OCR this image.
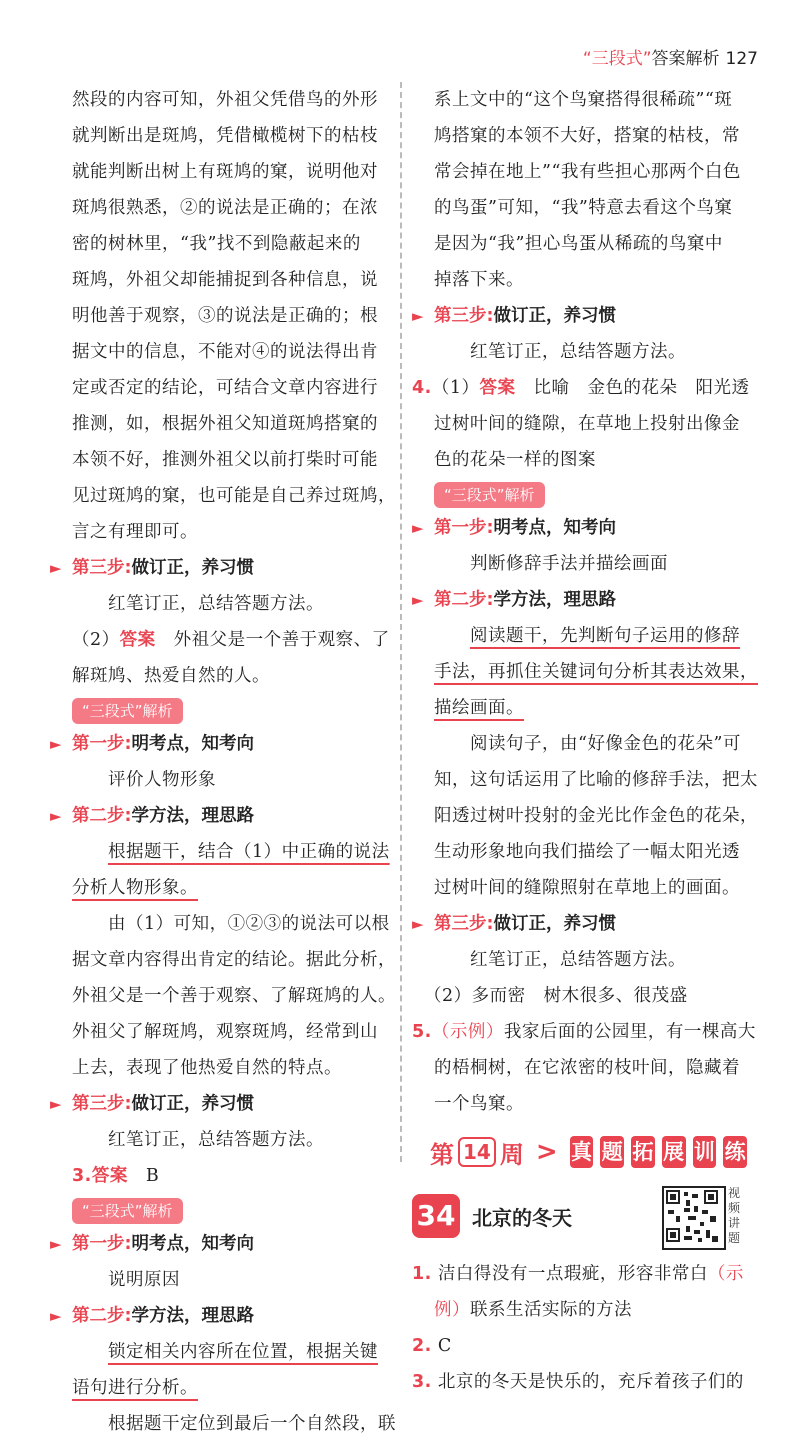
“三段式”答案解析 127
然段的内容可知，外祖父凭借鸟的外形
就判断出是斑鸠，凭借橄榄树下的枯枝
就能判断出树上有斑鸠的窠，说明他对
斑鸠很熟悉，②的说法是正确的；在浓
密的树林里，“我”找不到隐蔽起来的
斑鸠，外祖父却能捕捉到各种信息，说
明他善于观察，③的说法是正确的；根
据文中的信息，不能对④的说法得出肯
定或否定的结论，可结合文章内容进行
推测，如，根据外祖父知道斑鸠搭窠的
本领不好，推测外祖父以前打柴时可能
见过斑鸠的窠，也可能是自己养过斑鸠，
言之有理即可。
► 第三步:做订正，养习惯
红笔订正，总结答题方法。
（2）答案　 外祖父是一个善于观察、了
解斑鸠、热爱自然的人。
“三段式”解析
► 第一步:明考点，知考向
评价人物形象
► 第二步:学方法，理思路
根据题干，结合（1）中正确的说法
分析人物形象。
由（1）可知，①②③的说法可以根
据文章内容得出肯定的结论。据此分析，
外祖父是一个善于观察、了解斑鸠的人。
外祖父了解斑鸠，观察斑鸠，经常到山
上去，表现了他热爱自然的特点。
► 第三步:做订正，养习惯
红笔订正，总结答题方法。
3.答案　 B
“三段式”解析
► 第一步:明考点，知考向
说明原因
► 第二步:学方法，理思路
锁定相关内容所在位置，根据关键
语句进行分析。
根据题干定位到最后一个自然段，联
系上文中的“这个鸟窠搭得很稀疏”“斑
鸠搭窠的本领不大好，搭窠的枯枝，常
常会掉在地上”“我有些担心那两个白色
的鸟蛋”可知，“我”特意去看这个鸟窠
是因为“我”担心鸟蛋从稀疏的鸟窠中
掉落下来。
► 第三步:做订正，养习惯
红笔订正，总结答题方法。
4.（1）答案　 比喻　金色的花朵　阳光透
过树叶间的缝隙，在草地上投射出像金
色的花朵一样的图案
“三段式”解析
► 第一步:明考点，知考向
判断修辞手法并描绘画面
► 第二步:学方法，理思路
阅读题干，先判断句子运用的修辞
手法，再抓住关键词句分析其表达效果，
描绘画面。
阅读句子，由“好像金色的花朵”可
知，这句话运用了比喻的修辞手法，把太
阳透过树叶投射的金光比作金色的花朵，
生动形象地向我们描绘了一幅太阳光透
过树叶间的缝隙照射在草地上的画面。
► 第三步:做订正，养习惯
红笔订正，总结答题方法。
（2）多而密　树木很多、很茂盛
5.（示例）我家后面的公园里，有一棵高大
的梧桐树，在它浓密的枝叶间，隐藏着
一个鸟窠。
第 14 周 > 真 题 拓 展 训 练
34 北京的冬天
视频讲题
1. 洁白得没有一点瑕疵，形容非常白（示
例）联系生活实际的方法
2. C
3. 北京的冬天是快乐的，充斥着孩子们的
